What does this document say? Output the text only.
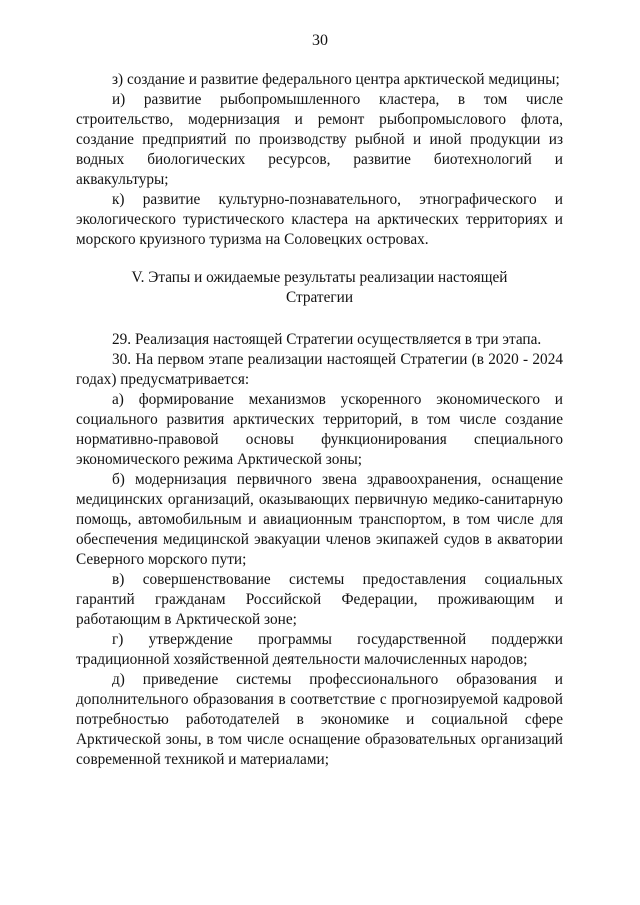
30

з) создание и развитие федерального центра арктической медицины;

и) развитие рыбопромышленного кластера, в том числе строительство, модернизация и ремонт рыбопромыслового флота, создание предприятий по производству рыбной и иной продукции из водных биологических ресурсов, развитие биотехнологий и аквакультуры;

к) развитие культурно-познавательного, этнографического и экологического туристического кластера на арктических территориях и морского круизного туризма на Соловецких островах.

V. Этапы и ожидаемые результаты реализации настоящей
Стратегии

29. Реализация настоящей Стратегии осуществляется в три этапа.

30. На первом этапе реализации настоящей Стратегии (в 2020 - 2024 годах) предусматривается:

а) формирование механизмов ускоренного экономического и социального развития арктических территорий, в том числе создание нормативно-правовой основы функционирования специального экономического режима Арктической зоны;

б) модернизация первичного звена здравоохранения, оснащение медицинских организаций, оказывающих первичную медико-санитарную помощь, автомобильным и авиационным транспортом, в том числе для обеспечения медицинской эвакуации членов экипажей судов в акватории Северного морского пути;

в) совершенствование системы предоставления социальных гарантий гражданам Российской Федерации, проживающим и работающим в Арктической зоне;

г) утверждение программы государственной поддержки традиционной хозяйственной деятельности малочисленных народов;

д) приведение системы профессионального образования и дополнительного образования в соответствие с прогнозируемой кадровой потребностью работодателей в экономике и социальной сфере Арктической зоны, в том числе оснащение образовательных организаций современной техникой и материалами;
